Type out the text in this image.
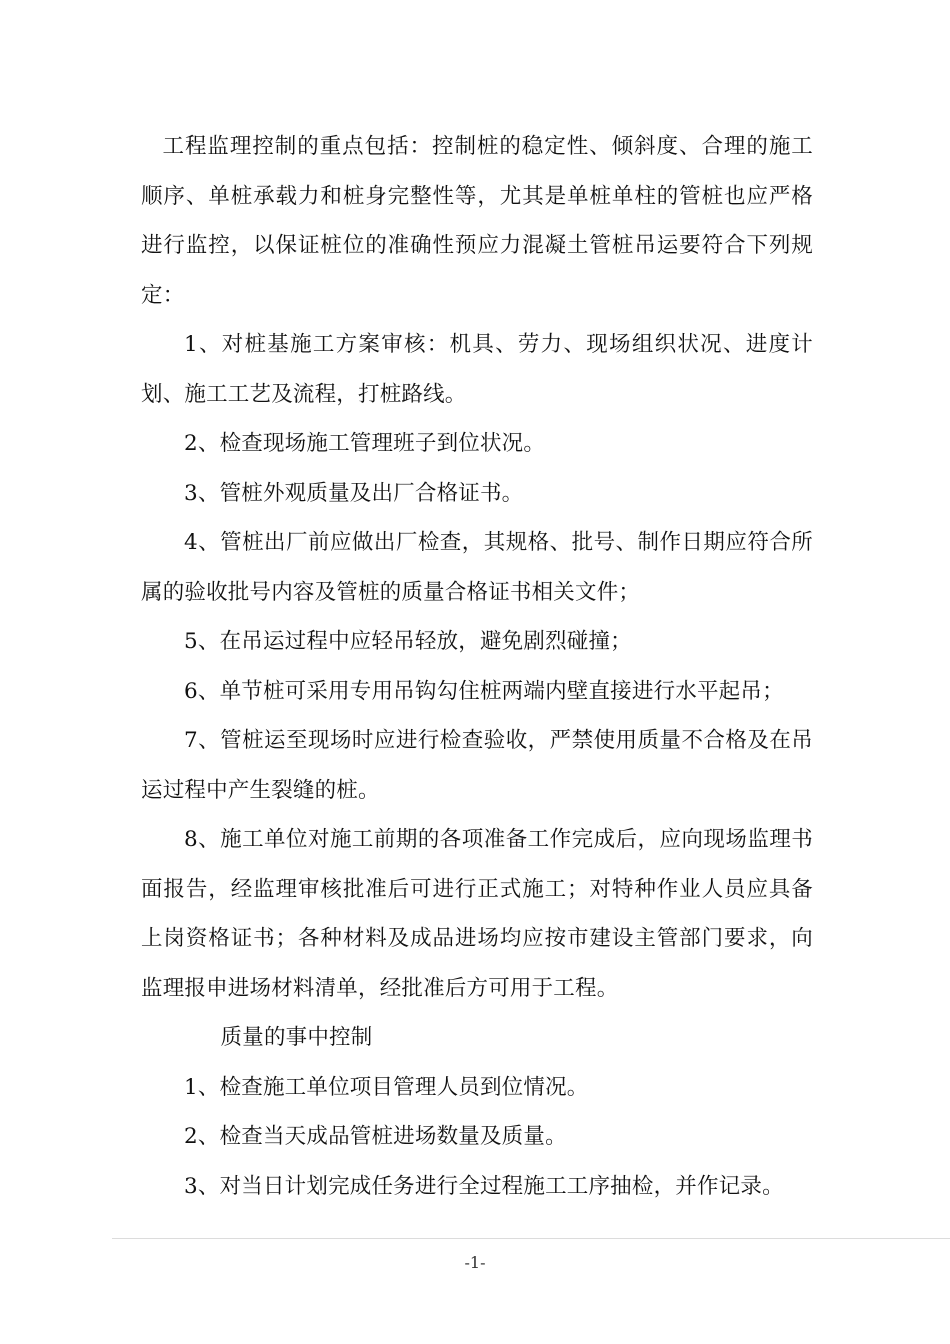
工程监理控制的重点包括：控制桩的稳定性、倾斜度、合理的施工顺序、单桩承载力和桩身完整性等，尤其是单桩单柱的管桩也应严格进行监控，以保证桩位的准确性预应力混凝土管桩吊运要符合下列规定：

1、对桩基施工方案审核：机具、劳力、现场组织状况、进度计划、施工工艺及流程，打桩路线。

2、检查现场施工管理班子到位状况。

3、管桩外观质量及出厂合格证书。

4、管桩出厂前应做出厂检查，其规格、批号、制作日期应符合所属的验收批号内容及管桩的质量合格证书相关文件；

5、在吊运过程中应轻吊轻放，避免剧烈碰撞；

6、单节桩可采用专用吊钩勾住桩两端内壁直接进行水平起吊；

7、管桩运至现场时应进行检查验收，严禁使用质量不合格及在吊运过程中产生裂缝的桩。

8、施工单位对施工前期的各项准备工作完成后，应向现场监理书面报告，经监理审核批准后可进行正式施工；对特种作业人员应具备上岗资格证书；各种材料及成品进场均应按市建设主管部门要求，向监理报申进场材料清单，经批准后方可用于工程。

质量的事中控制

1、检查施工单位项目管理人员到位情况。

2、检查当天成品管桩进场数量及质量。

3、对当日计划完成任务进行全过程施工工序抽检，并作记录。

-1-
